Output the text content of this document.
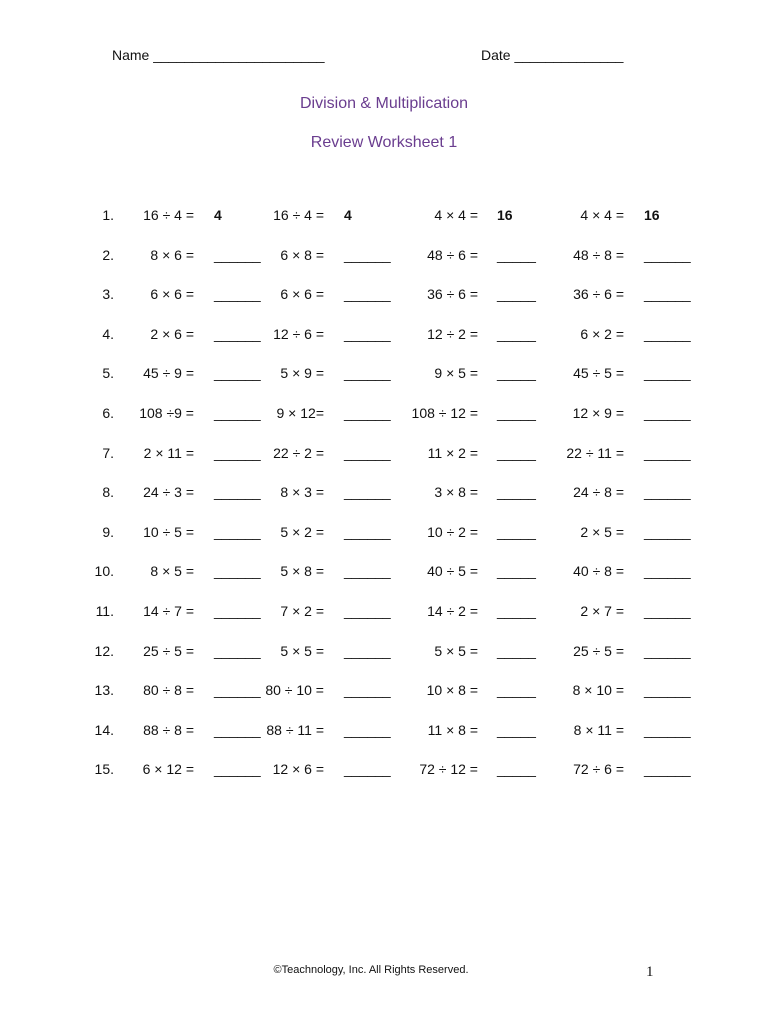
Name ______________________	Date ______________
Division & Multiplication
Review Worksheet 1
1.	16 ÷ 4 = 4	16 ÷ 4 = 4	4 × 4 = 16	4 × 4 = 16
2.	8 × 6 = ______	6 × 8 = ______	48 ÷ 6 = _____	48 ÷ 8 = ______
3.	6 × 6 = ______	6 × 6 = ______	36 ÷ 6 = _____	36 ÷ 6 = ______
4.	2 × 6 = ______ 12 ÷ 6 = ______	12 ÷ 2 = _____	6 × 2 = ______
5.	45 ÷ 9 = ______	5 × 9 = ______	9 × 5 = _____	45 ÷ 5 = ______
6.	108 ÷9 = ______	9 × 12= ______	108 ÷ 12 = _____	12 × 9 = ______
7.	2 × 11 = ______ 22 ÷ 2 = ______	11 × 2 = _____	22 ÷ 11 = ______
8.	24 ÷ 3 = ______	8 × 3 = ______	3 × 8 = _____	24 ÷ 8 = ______
9.	10 ÷ 5 = ______	5 × 2 = ______	10 ÷ 2 = _____	2 × 5 = ______
10.	8 × 5 = ______	5 × 8 = ______	40 ÷ 5 = _____	40 ÷ 8 = ______
11.	14 ÷ 7 = ______	7 × 2 = ______	14 ÷ 2 = _____	2 × 7 = ______
12.	25 ÷ 5 = ______	5 × 5 = ______	5 × 5 = _____	25 ÷ 5 = ______
13.	80 ÷ 8 = ______ 80 ÷ 10 = ______	10 × 8 = _____	8 × 10 = ______
14.	88 ÷ 8 = ______ 88 ÷ 11 = ______	11 × 8 = _____	8 × 11 = ______
15.	6 × 12 = ______ 12 × 6 = ______	72 ÷ 12 = _____	72 ÷ 6 = ______
©Teachnology, Inc. All Rights Reserved.	1
